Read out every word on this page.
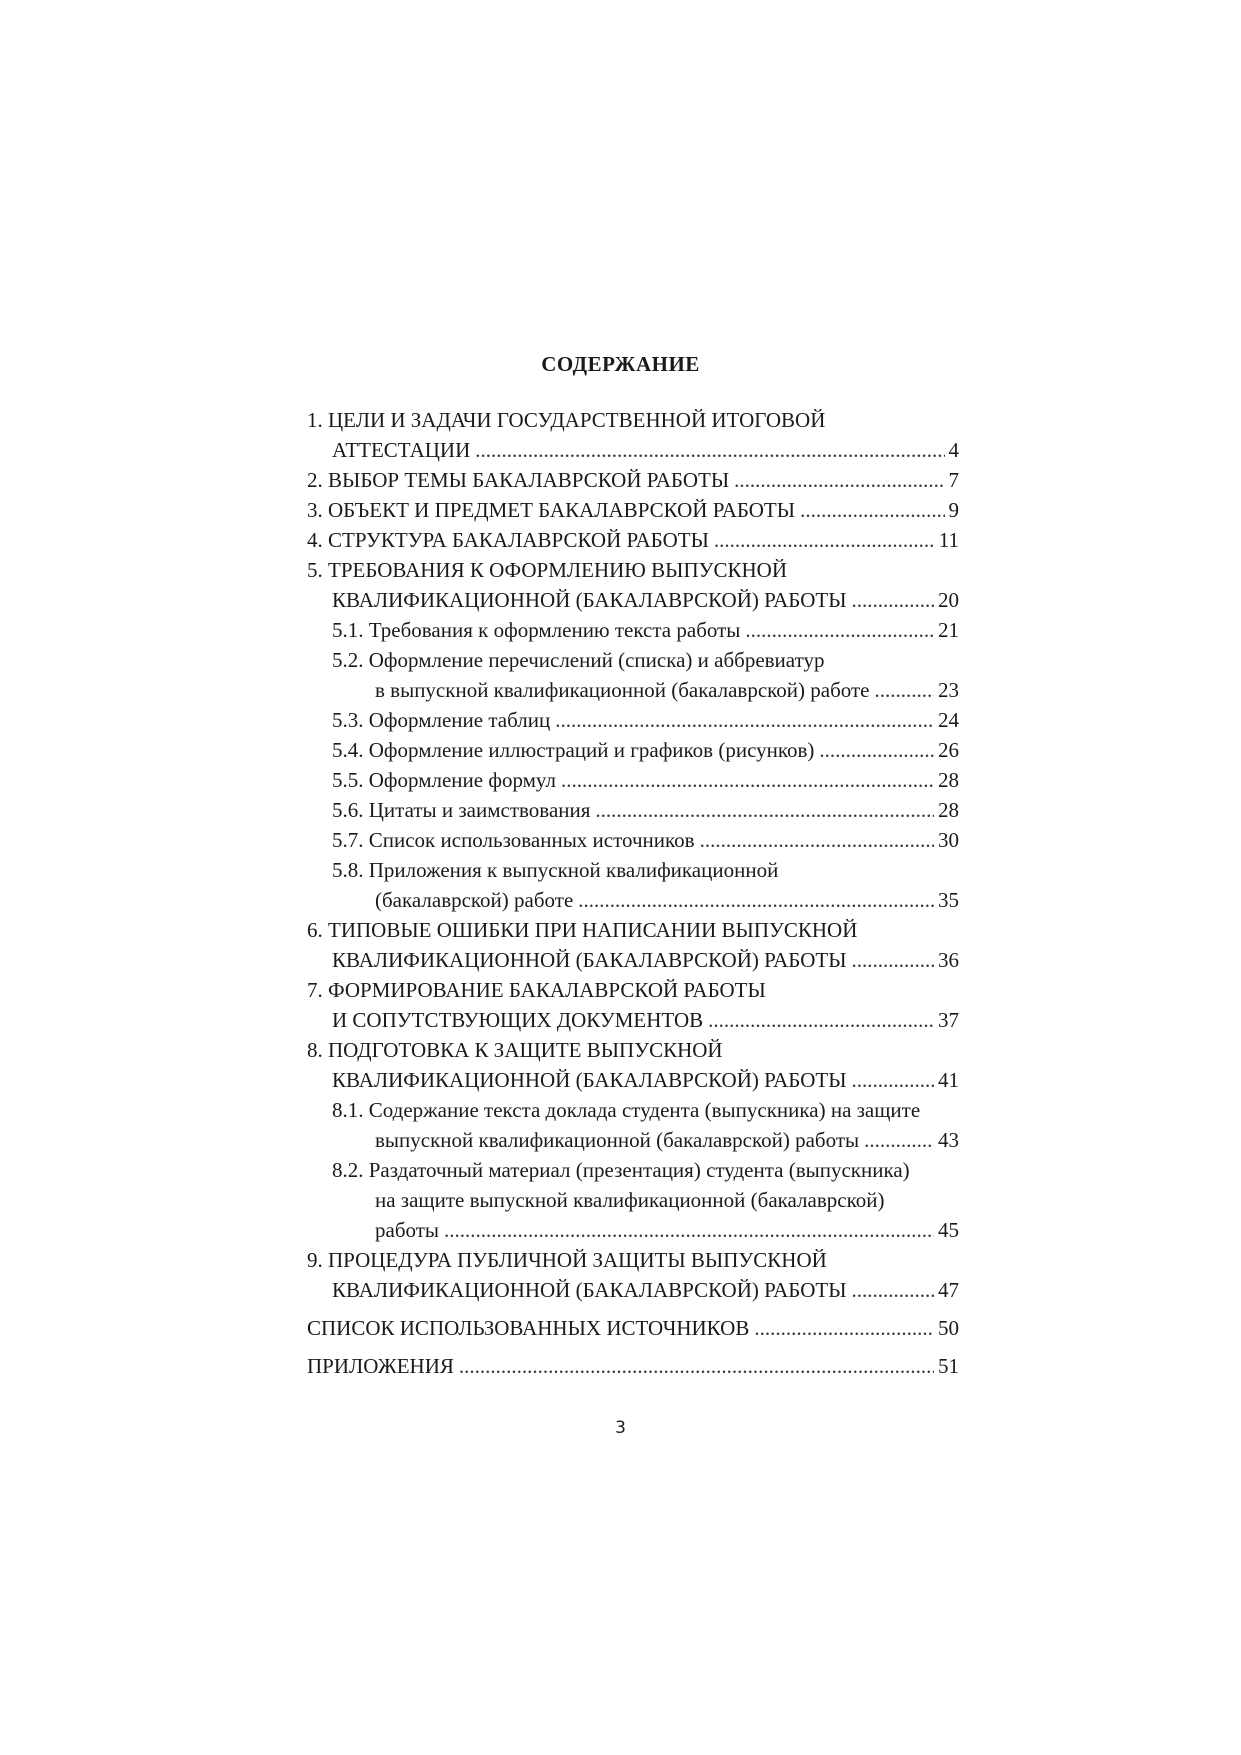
СОДЕРЖАНИЕ
1. ЦЕЛИ И ЗАДАЧИ ГОСУДАРСТВЕННОЙ ИТОГОВОЙ
АТТЕСТАЦИИ .....	4
2. ВЫБОР ТЕМЫ БАКАЛАВРСКОЙ РАБОТЫ .....	7
3. ОБЪЕКТ И ПРЕДМЕТ БАКАЛАВРСКОЙ РАБОТЫ .....	9
4. СТРУКТУРА БАКАЛАВРСКОЙ РАБОТЫ .....	11
5. ТРЕБОВАНИЯ К ОФОРМЛЕНИЮ ВЫПУСКНОЙ
КВАЛИФИКАЦИОННОЙ (БАКАЛАВРСКОЙ) РАБОТЫ .....	20
5.1. Требования к оформлению текста работы .....	21
5.2. Оформление перечислений (списка) и аббревиатур
в выпускной квалификационной (бакалаврской) работе .....	23
5.3. Оформление таблиц .....	24
5.4. Оформление иллюстраций и графиков (рисунков) .....	26
5.5. Оформление формул .....	28
5.6. Цитаты и заимствования .....	28
5.7. Список использованных источников .....	30
5.8. Приложения к выпускной квалификационной
(бакалаврской) работе .....	35
6. ТИПОВЫЕ ОШИБКИ ПРИ НАПИСАНИИ ВЫПУСКНОЙ
КВАЛИФИКАЦИОННОЙ (БАКАЛАВРСКОЙ) РАБОТЫ .....	36
7. ФОРМИРОВАНИЕ БАКАЛАВРСКОЙ РАБОТЫ
И СОПУТСТВУЮЩИХ ДОКУМЕНТОВ .....	37
8. ПОДГОТОВКА К ЗАЩИТЕ ВЫПУСКНОЙ
КВАЛИФИКАЦИОННОЙ (БАКАЛАВРСКОЙ) РАБОТЫ .....	41
8.1. Содержание текста доклада студента (выпускника) на защите
выпускной квалификационной (бакалаврской) работы .....	43
8.2. Раздаточный материал (презентация) студента (выпускника)
на защите выпускной квалификационной (бакалаврской)
работы .....	45
9. ПРОЦЕДУРА ПУБЛИЧНОЙ ЗАЩИТЫ ВЫПУСКНОЙ
КВАЛИФИКАЦИОННОЙ (БАКАЛАВРСКОЙ) РАБОТЫ .....	47
СПИСОК ИСПОЛЬЗОВАННЫХ ИСТОЧНИКОВ .....	50
ПРИЛОЖЕНИЯ .....	51
3
